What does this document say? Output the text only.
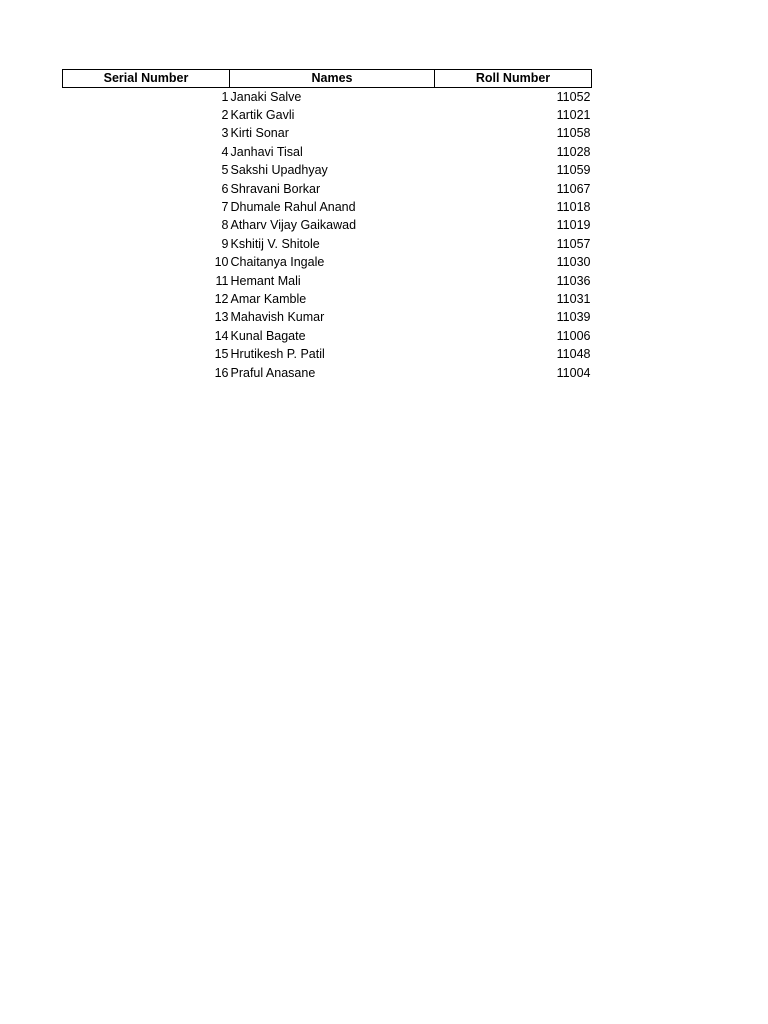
Serial Number	Names	Roll Number
1	Janaki Salve	11052
2	Kartik Gavli	11021
3	Kirti Sonar	11058
4	Janhavi Tisal	11028
5	Sakshi Upadhyay	11059
6	Shravani Borkar	11067
7	Dhumale Rahul Anand	11018
8	Atharv Vijay Gaikawad	11019
9	Kshitij V. Shitole	11057
10	Chaitanya Ingale	11030
11	Hemant Mali	11036
12	Amar Kamble	11031
13	Mahavish Kumar	11039
14	Kunal Bagate	11006
15	Hrutikesh P. Patil	11048
16	Praful Anasane	11004
